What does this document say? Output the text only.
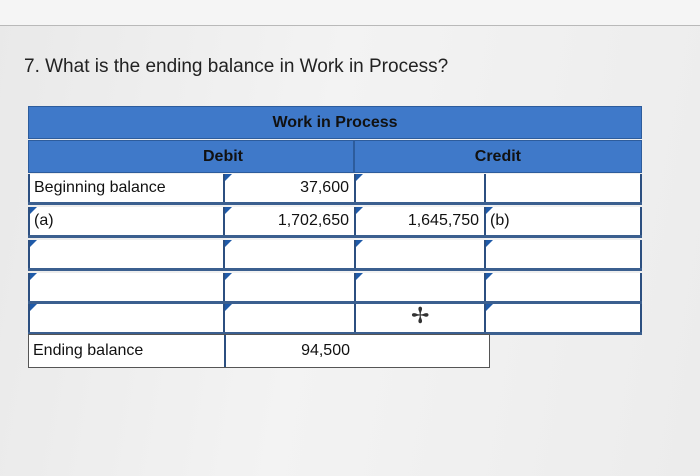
7. What is the ending balance in Work in Process?
Work in Process
Debit	Credit
Beginning balance	37,600
(a)	1,702,650	1,645,750 (b)
Ending balance	94,500
✢
